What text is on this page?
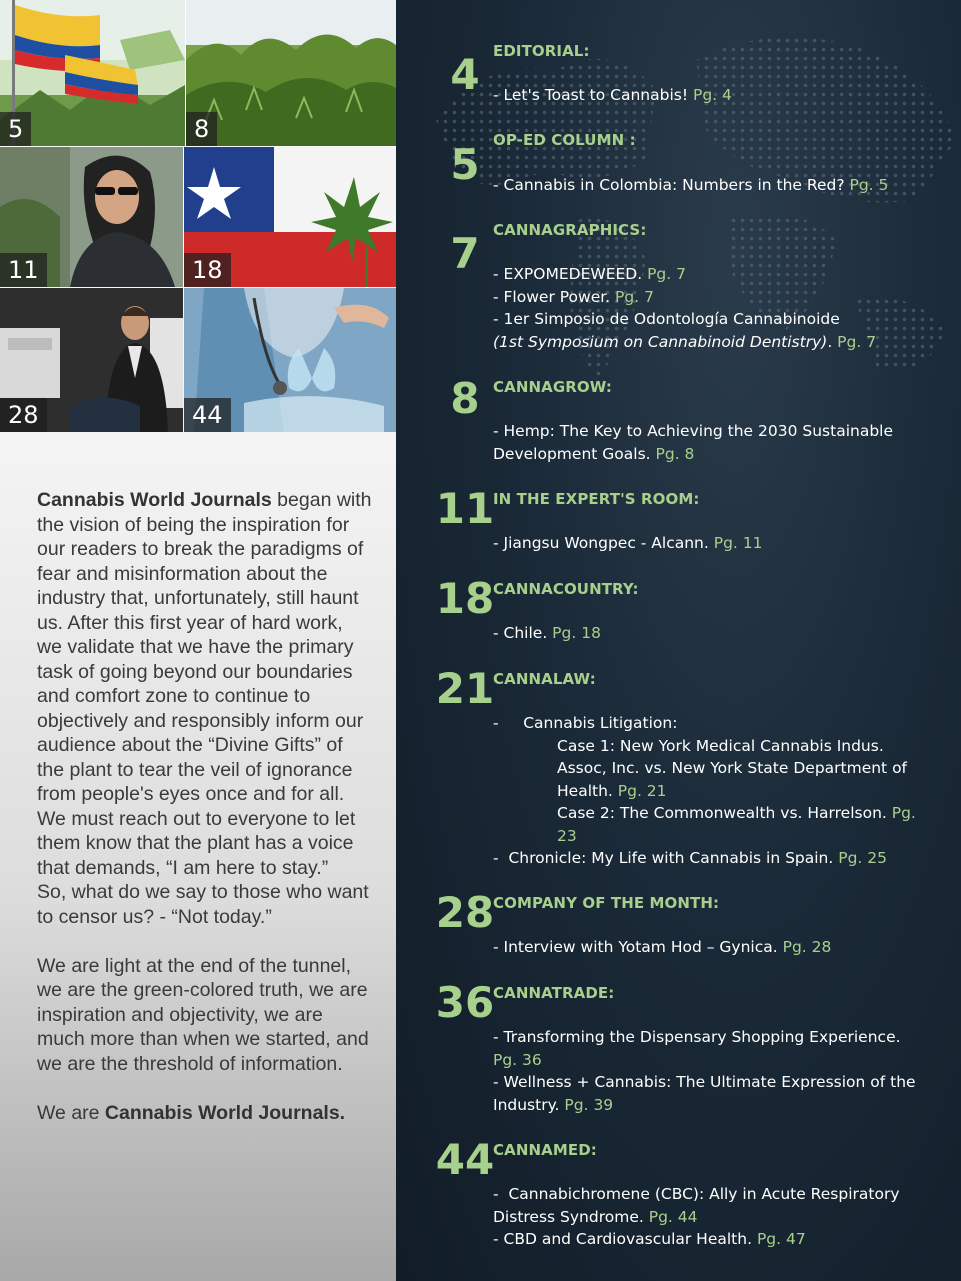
5	8
11	18
28	44

Cannabis World Journals began with the vision of being the inspiration for our readers to break the paradigms of fear and misinformation about the industry that, unfortunately, still haunt us. After this first year of hard work, we validate that we have the primary task of going beyond our boundaries and comfort zone to continue to objectively and responsibly inform our audience about the “Divine Gifts” of the plant to tear the veil of ignorance from people's eyes once and for all. We must reach out to everyone to let them know that the plant has a voice that demands, “I am here to stay.”

So, what do we say to those who want to censor us? - “Not today.”

We are light at the end of the tunnel, we are the green-colored truth, we are inspiration and objectivity, we are much more than when we started, and we are the threshold of information.

We are Cannabis World Journals.

4 EDITORIAL:
- Let's Toast to Cannabis! Pg. 4
5 OP-ED COLUMN :
- Cannabis in Colombia: Numbers in the Red? Pg. 5
7 CANNAGRAPHICS:
- EXPOMEDEWEED. Pg. 7
- Flower Power. Pg. 7
- 1er Simposio de Odontología Cannabinoide
(1st Symposium on Cannabinoid Dentistry). Pg. 7
8 CANNAGROW:
- Hemp: The Key to Achieving the 2030 Sustainable Development Goals. Pg. 8
11
IN THE EXPERT'S ROOM:
- Jiangsu Wongpec - Alcann. Pg. 11
18
CANNACOUNTRY:
- Chile. Pg. 18
21
CANNALAW:
-     Cannabis Litigation:
Case 1: New York Medical Cannabis Indus. Assoc, Inc. vs. New York State Department of Health. Pg. 21
Case 2: The Commonwealth vs. Harrelson. Pg. 23
-  Chronicle: My Life with Cannabis in Spain. Pg. 25
28
COMPANY OF THE MONTH:
- Interview with Yotam Hod – Gynica. Pg. 28
36
CANNATRADE:
- Transforming the Dispensary Shopping Experience. Pg. 36
- Wellness + Cannabis: The Ultimate Expression of the Industry. Pg. 39
44
CANNAMED:
-  Cannabichromene (CBC): Ally in Acute Respiratory Distress Syndrome. Pg. 44
- CBD and Cardiovascular Health. Pg. 47
